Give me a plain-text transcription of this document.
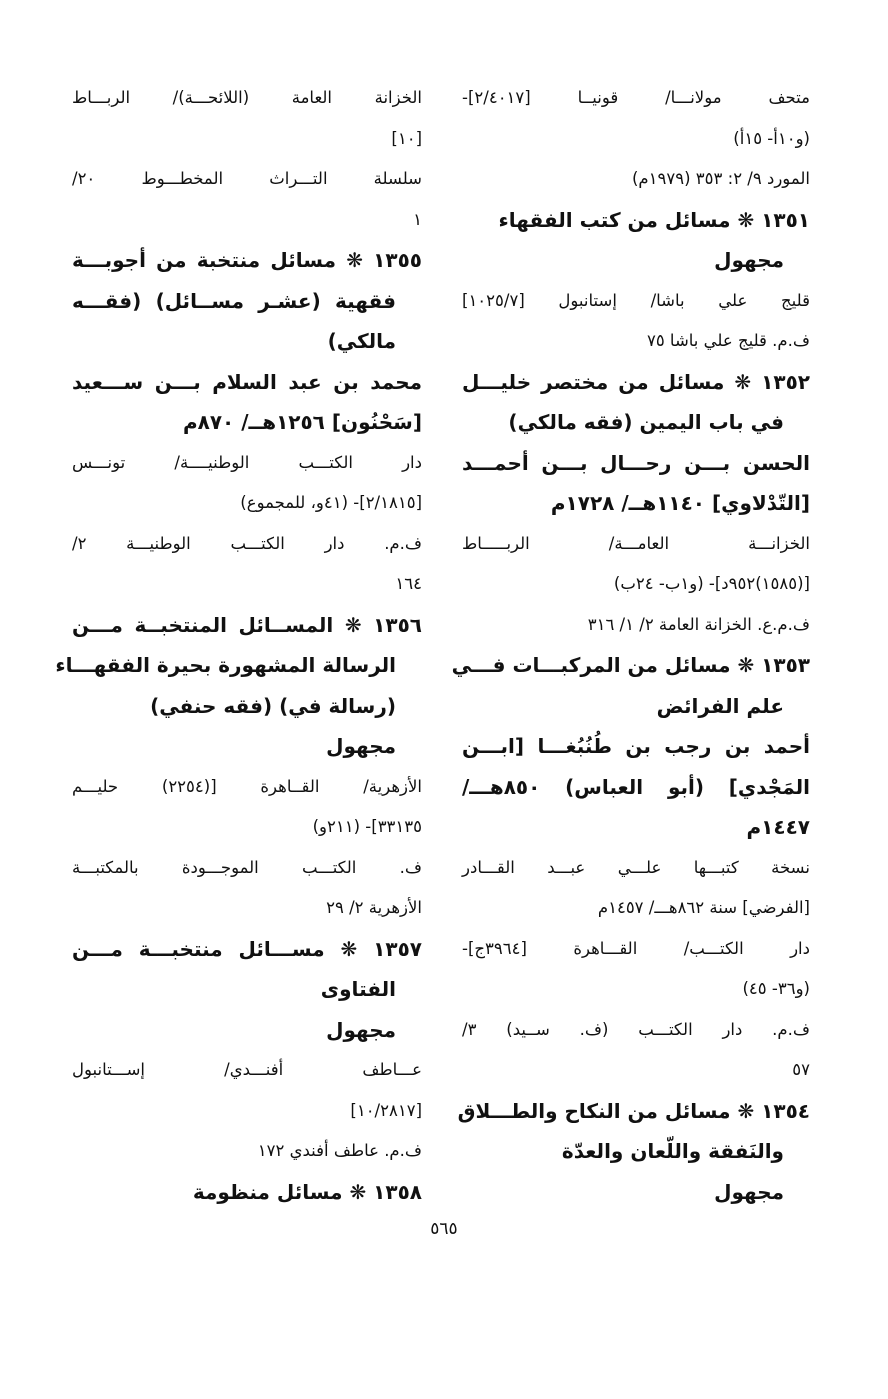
متحف مولانـــا/ قونيــا [٢/٤٠١٧]-
(و١٠أ- ١٥أ)
المورد ٩/ ٢: ٣٥٣ (١٩٧٩م)
١٣٥١ ❋ مسائل من كتب الفقهاء
مجهول
قليج علي باشا/ إستانبول [١٠٢٥/٧]
ف.م. قليج علي باشا ٧٥
١٣٥٢ ❋ مسائل من مختصر خليـــل
في باب اليمين (فقه مالكي)
الحسن بـــن رحـــال بـــن أحمـــد
[التّدْلاوي] ١١٤٠هــ/ ١٧٢٨م
الخزانـــة العامـــة/ الربـــــاط
[(١٥٨٥)٩٥٢د]- (و١ب- ٢٤ب)
ف.م.ع. الخزانة العامة ٢/ ١/ ٣١٦
١٣٥٣ ❋ مسائل من المركبـــات فـــي
علم الفرائض
أحمد بن رجب بن طُنُبُغـــا [ابـــن
المَجْدي] (أبو العباس) ٨٥٠هـــ/
١٤٤٧م
نسخة كتبـــها علـــي عبـــد القـــادر
[الفرضي] سنة ٨٦٢هـــ/ ١٤٥٧م
دار الكتـــب/ القـــاهرة [٣٩٦٤ج]-
(و٣٦- ٤٥)
ف.م. دار الكتـــب (ف. ســيد) ٣/
٥٧
١٣٥٤ ❋ مسائل من النكاح والطـــلاق
والنَفقة واللّعان والعدّة
مجهول
الخزانة العامة (اللائحـــة)/ الربـــاط
[١٠]
سلسلة التـــراث المخطـــوط ٢٠/
١
١٣٥٥ ❋ مسائل منتخبة من أجوبـــة
فقهية (عشـر مســائل) (فقـــه
مالكي)
محمد بن عبد السلام بـــن ســـعيد
[سَحْنُون] ١٢٥٦هــ/ ٨٧٠م
دار الكتـــب الوطنيــــة/ تونـــس
[٢/١٨١٥]- (٤١و، للمجموع)
ف.م. دار الكتـــب الوطنيـــة ٢/
١٦٤
١٣٥٦ ❋ المســائل المنتخبــة مـــن
الرسالة المشهورة بحيرة الفقهـــاء
(رسالة في) (فقه حنفي)
مجهول
الأزهرية/ القــاهرة [(٢٢٥٤) حليـــم
٣٣١٣٥]- (٢١١و)
ف. الكتـــب الموجـــودة بالمكتبـــة
الأزهرية ٢/ ٢٩
١٣٥٧ ❋ مســـائل منتخبـــة مـــن
الفتاوى
مجهول
عـــاطف أفنـــدي/ إســـتانبول
[١٠/٢٨١٧]
ف.م. عاطف أفندي ١٧٢
١٣٥٨ ❋ مسائل منظومة
٥٦٥
